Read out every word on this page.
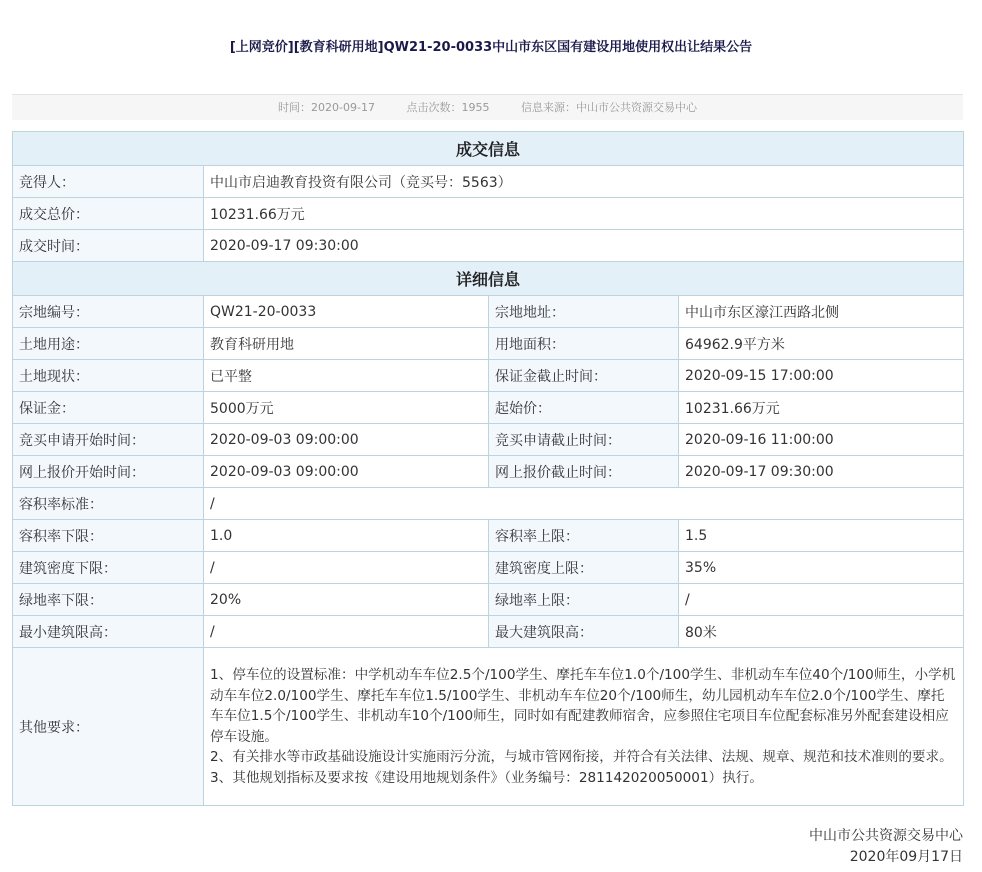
[上网竞价][教育科研用地]QW21-20-0033中山市东区国有建设用地使用权出让结果公告
时间：2020-09-17	点击次数：1955	信息来源：中山市公共资源交易中心
成交信息			
竞得人：	中山市启迪教育投资有限公司（竞买号：5563）		
成交总价：	10231.66万元		
成交时间：	2020-09-17 09:30:00		
详细信息			
宗地编号：	QW21-20-0033	宗地地址：	中山市东区濠江西路北侧
土地用途：	教育科研用地	用地面积：	64962.9平方米
土地现状：	已平整	保证金截止时间：	2020-09-15 17:00:00
保证金：	5000万元	起始价：	10231.66万元
竞买申请开始时间：	2020-09-03 09:00:00	竞买申请截止时间：	2020-09-16 11:00:00
网上报价开始时间：	2020-09-03 09:00:00	网上报价截止时间：	2020-09-17 09:30:00
容积率标准：	/		
容积率下限：	1.0	容积率上限：	1.5
建筑密度下限：	/	建筑密度上限：	35%
绿地率下限：	20%	绿地率上限：	/
最小建筑限高：	/	最大建筑限高：	80米
其他要求：	1、停车位的设置标准：中学机动车车位2.5个/100学生、摩托车车位1.0个/100学生、非机动车车位40个/100师生，小学机动车车位2.0/100学生、摩托车车位1.5/100学生、非机动车车位20个/100师生，幼儿园机动车车位2.0个/100学生、摩托车车位1.5个/100学生、非机动车10个/100师生，同时如有配建教师宿舍，应参照住宅项目车位配套标准另外配套建设相应停车设施。

2、有关排水等市政基础设施设计实施雨污分流，与城市管网衔接，并符合有关法律、法规、规章、规范和技术准则的要求。

3、其他规划指标及要求按《建设用地规划条件》（业务编号：281142020050001）执行。		

中山市公共资源交易中心
2020年09月17日
